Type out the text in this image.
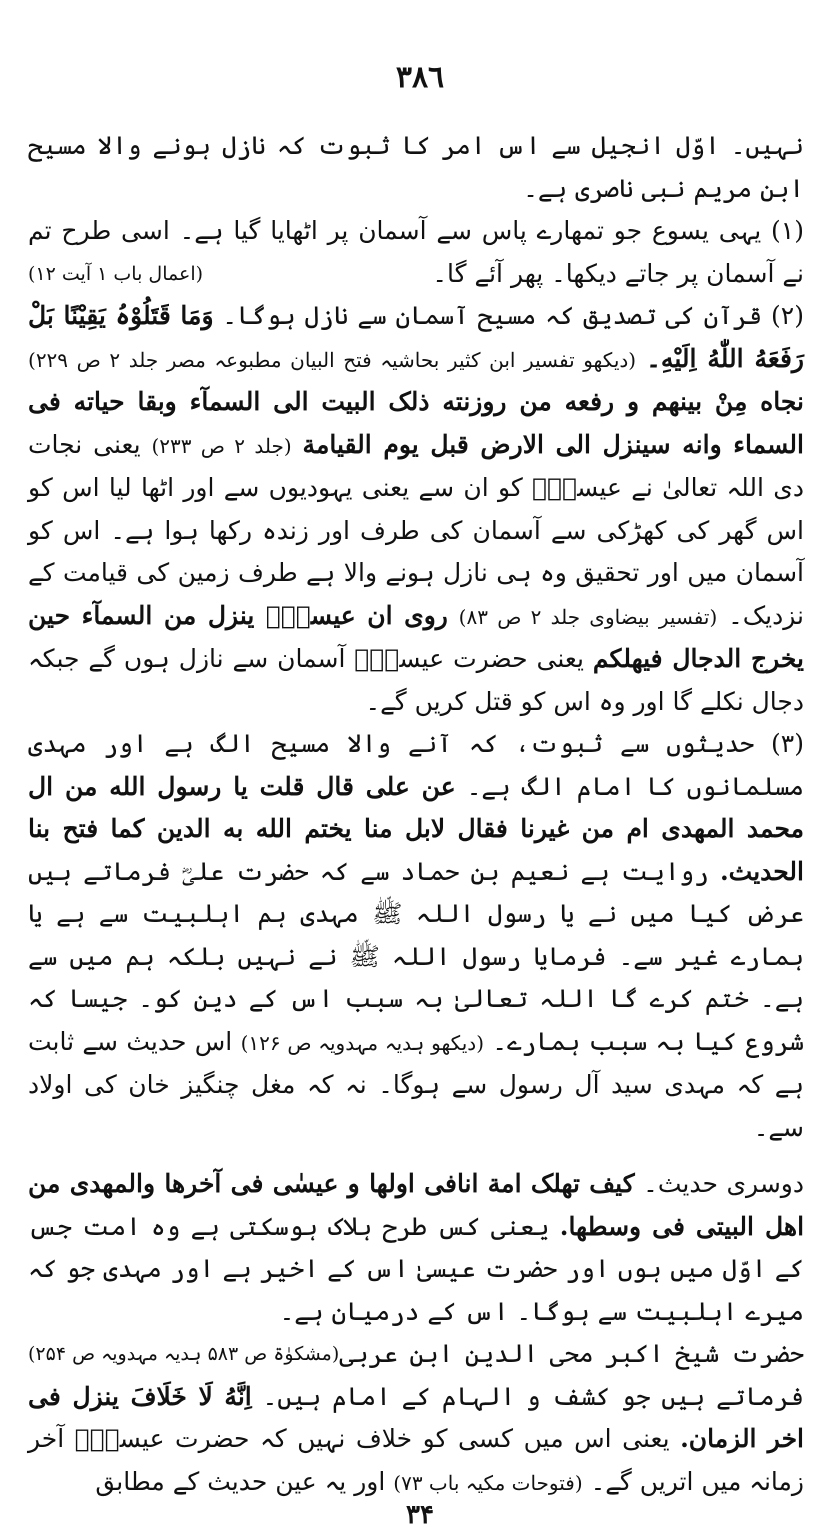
۳۸٦

نہیں۔ اوّل انجیل سے اس امر کا ثبوت کہ نازل ہونے والا مسیح ابن مریم نبی ناصری ہے۔

(۱) یہی یسوع جو تمھارے پاس سے آسمان پر اٹھایا گیا ہے۔ اسی طرح تم نے آسمان پر جاتے دیکھا۔ پھر آئے گا۔
(اعمال باب ۱ آیت ۱۲)

(۲) قرآن کی تصدیق کہ مسیح آسمان سے نازل ہوگا۔ وَمَا قَتَلُوْہُ یَقِیْنًا بَلْ رَفَعَهُ اللّٰهُ اِلَیْهِ۔ (دیکھو تفسیر ابن کثیر بحاشیہ فتح البیان مطبوعہ مصر جلد ۲ ص ۲۲۹) نجاه مِنْ بینهم و رفعه من روزنته ذلک البیت الی السمآء وبقا حیاته فی السماء وانه سینزل الی الارض قبل یوم القیامة (جلد ۲ ص ۲۳۳) یعنی نجات دی اللہ تعالیٰ نے عیسیٰؑ کو ان سے یعنی یہودیوں سے اور اٹھا لیا اس کو اس گھر کی کھڑکی سے آسمان کی طرف اور زندہ رکھا ہوا ہے۔ اس کو آسمان میں اور تحقیق وہ ہی نازل ہونے والا ہے طرف زمین کی قیامت کے نزدیک۔ (تفسیر بیضاوی جلد ۲ ص ۸۳) روی ان عیسیٰؑ ینزل من السمآء حین یخرج الدجال فیهلکم یعنی حضرت عیسیٰؑ آسمان سے نازل ہوں گے جبکہ دجال نکلے گا اور وہ اس کو قتل کریں گے۔

(۳) حدیثوں سے ثبوت، کہ آنے والا مسیح الگ ہے اور مہدی مسلمانوں کا امام الگ ہے۔ عن علی قال قلت یا رسول الله من ال محمد المهدی ام من غیرنا فقال لابل منا یختم الله به الدین کما فتح بنا الحدیث. روایت ہے نعیم بن حماد سے کہ حضرت علیؓ فرماتے ہیں عرض کیا میں نے یا رسول اللہ ﷺ مہدی ہم اہلبیت سے ہے یا ہمارے غیر سے۔ فرمایا رسول اللہ ﷺ نے نہیں بلکہ ہم میں سے ہے۔ ختم کرے گا اللہ تعالیٰ بہ سبب اس کے دین کو۔ جیسا کہ شروع کیا بہ سبب ہمارے۔ (دیکھو ہدیہ مہدویہ ص ۱۲۶) اس حدیث سے ثابت ہے کہ مہدی سید آل رسول سے ہوگا۔ نہ کہ مغل چنگیز خان کی اولاد سے۔

دوسری حدیث۔ کیف تهلک امة انافی اولها و عیسٰی فی آخرها والمهدی من اهل البیتی فی وسطها. یعنی کس طرح ہلاک ہوسکتی ہے وہ امت جس کے اوّل میں ہوں اور حضرت عیسیٰ اس کے اخیر ہے اور مہدی جو کہ میرے اہلبیت سے ہوگا۔ اس کے درمیان ہے۔
(مشکوٰۃ ص ۵۸۳ ہدیہ مہدویہ ص ۲۵۴) حضرت شیخ اکبر محی الدین ابن عربی فرماتے ہیں جو کشف و الہام کے امام ہیں۔ اِنَّهُ لَا خَلَافَ ینزل فی اخر الزمان. یعنی اس میں کسی کو خلاف نہیں کہ حضرت عیسیٰؑ آخر زمانہ میں اتریں گے۔ (فتوحات مکیہ باب ۷۳) اور یہ عین حدیث کے مطابق

۳۴
